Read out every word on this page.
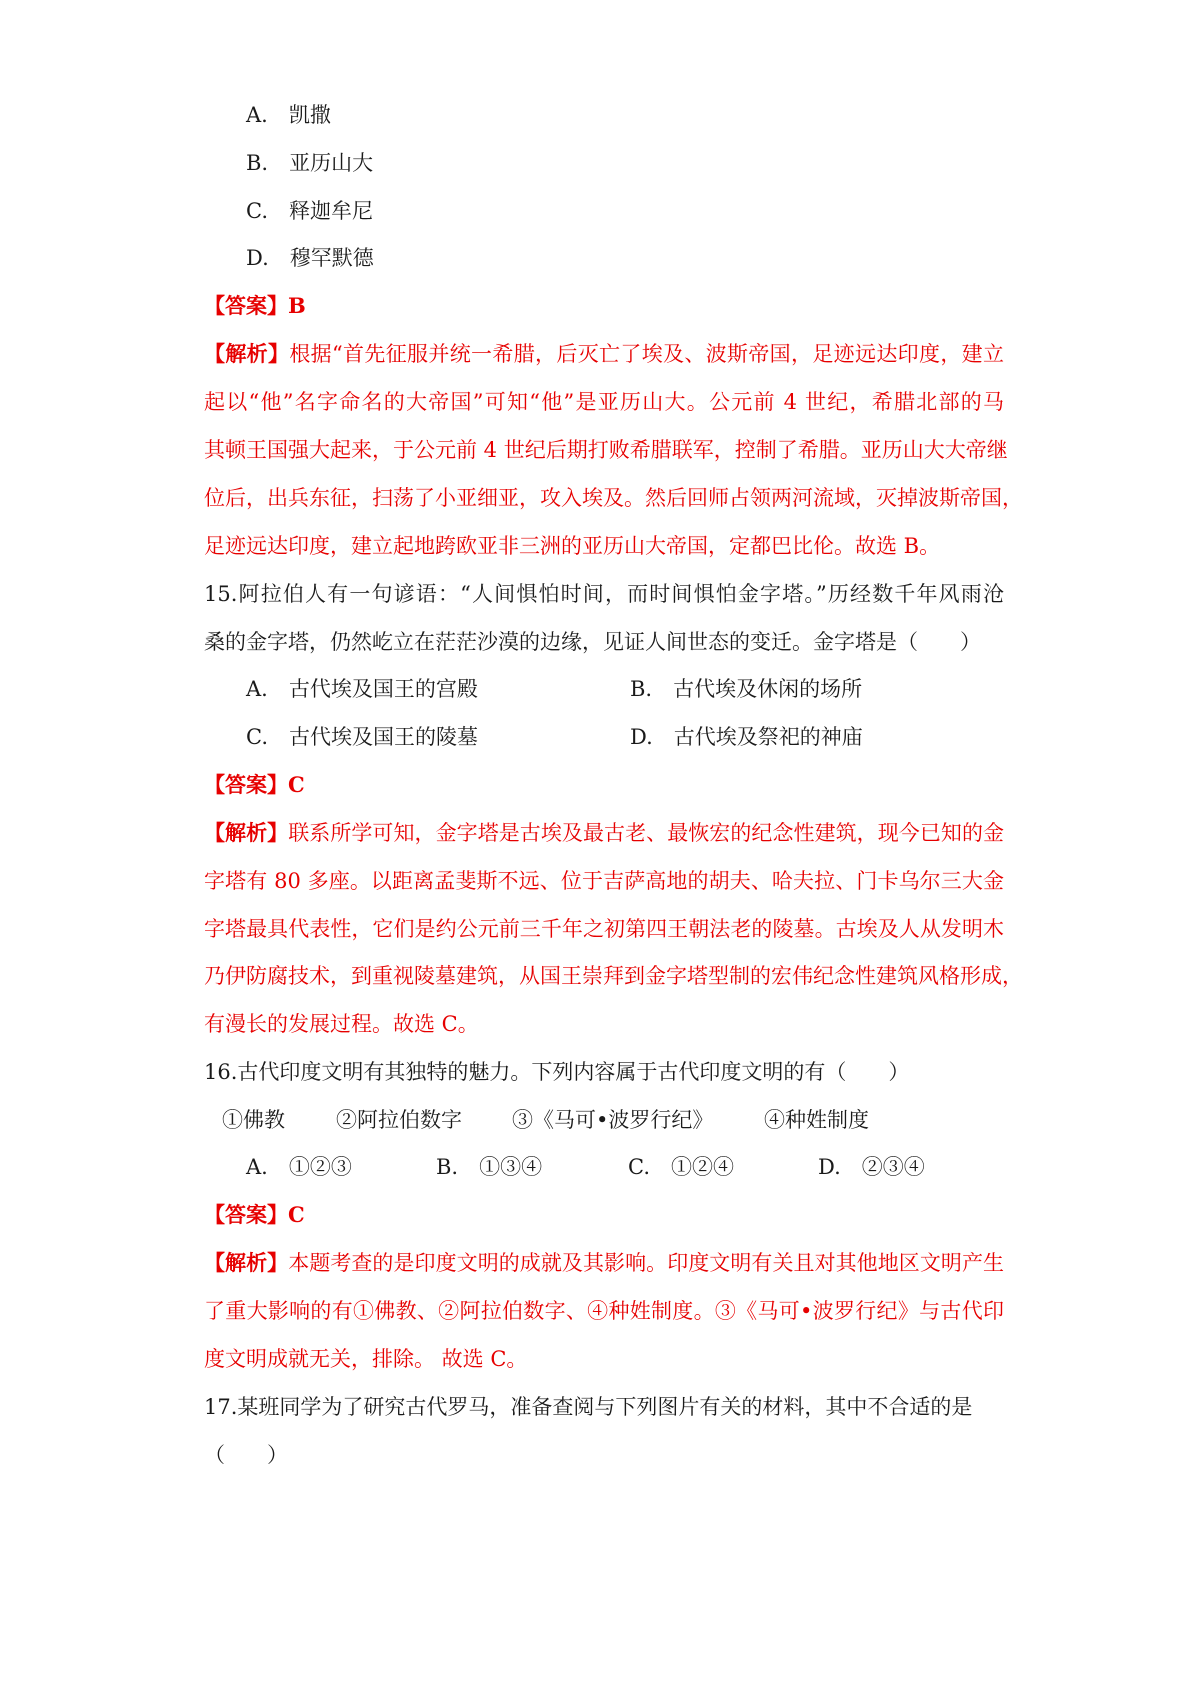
A.　凯撒
B.　亚历山大
C.　释迦牟尼
D.　穆罕默德
【答案】B
【解析】根据“首先征服并统一希腊，后灭亡了埃及、波斯帝国，足迹远达印度，建立
起以“他”名字命名的大帝国”可知“他”是亚历山大。公元前 4 世纪，希腊北部的马
其顿王国强大起来，于公元前 4 世纪后期打败希腊联军，控制了希腊。亚历山大大帝继
位后，出兵东征，扫荡了小亚细亚，攻入埃及。然后回师占领两河流域，灭掉波斯帝国，
足迹远达印度，建立起地跨欧亚非三洲的亚历山大帝国，定都巴比伦。故选 B。
15.阿拉伯人有一句谚语：“人间惧怕时间，而时间惧怕金字塔。”历经数千年风雨沧
桑的金字塔，仍然屹立在茫茫沙漠的边缘，见证人间世态的变迁。金字塔是（　　）
A.　古代埃及国王的宫殿	B.　古代埃及休闲的场所
C.　古代埃及国王的陵墓	D.　古代埃及祭祀的神庙
【答案】C
【解析】联系所学可知，金字塔是古埃及最古老、最恢宏的纪念性建筑，现今已知的金
字塔有 80 多座。以距离孟斐斯不远、位于吉萨高地的胡夫、哈夫拉、门卡乌尔三大金
字塔最具代表性，它们是约公元前三千年之初第四王朝法老的陵墓。古埃及人从发明木
乃伊防腐技术，到重视陵墓建筑，从国王崇拜到金字塔型制的宏伟纪念性建筑风格形成，
有漫长的发展过程。故选 C。
16.古代印度文明有其独特的魅力。下列内容属于古代印度文明的有（　　）
①佛教 ②阿拉伯数字 ③《马可•波罗行纪》 ④种姓制度
A.　①②③	B.　①③④	C.　①②④	D.　②③④
【答案】C
【解析】本题考查的是印度文明的成就及其影响。印度文明有关且对其他地区文明产生
了重大影响的有①佛教、②阿拉伯数字、④种姓制度。③《马可•波罗行纪》与古代印
度文明成就无关，排除。 故选 C。
17.某班同学为了研究古代罗马，准备查阅与下列图片有关的材料，其中不合适的是
（　　）
